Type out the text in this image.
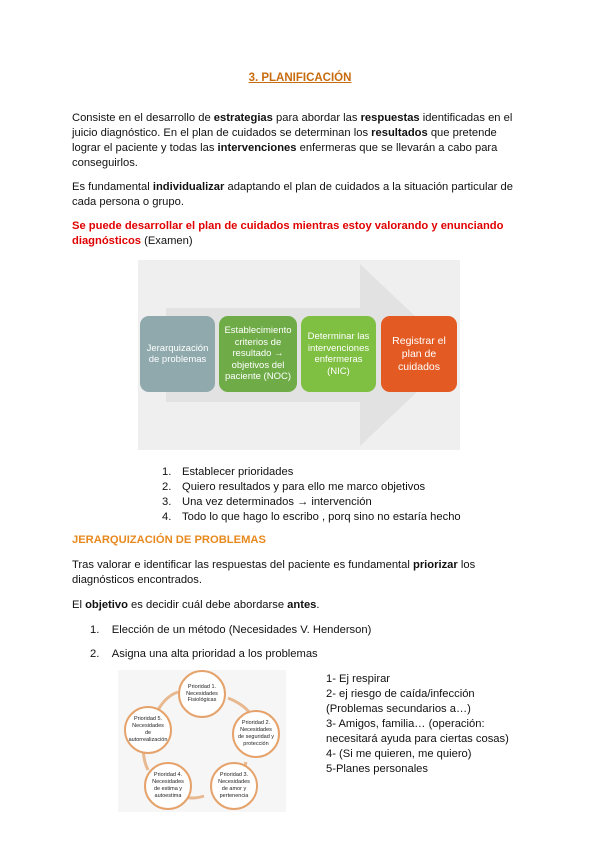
3. PLANIFICACIÓN

Consiste en el desarrollo de estrategias para abordar las respuestas identificadas en el juicio diagnóstico. En el plan de cuidados se determinan los resultados que pretende lograr el paciente y todas las intervenciones enfermeras que se llevarán a cabo para conseguirlos.

Es fundamental individualizar adaptando el plan de cuidados a la situación particular de cada persona o grupo.

Se puede desarrollar el plan de cuidados mientras estoy valorando y enunciando diagnósticos (Examen)

Jerarquización de problemas
Establecimiento criterios de resultado → objetivos del paciente (NOC)
Determinar las intervenciones enfermeras (NIC)
Registrar el plan de cuidados
1. Establecer prioridades
2. Quiero resultados y para ello me marco objetivos
3. Una vez determinados → intervención
4. Todo lo que hago lo escribo , porq sino no estaría hecho
JERARQUIZACIÓN DE PROBLEMAS

Tras valorar e identificar las respuestas del paciente es fundamental priorizar los diagnósticos encontrados.

El objetivo es decidir cuál debe abordarse antes.

1. Elección de un método (Necesidades V. Henderson)
2. Asigna una alta prioridad a los problemas
Prioridad 1. Necesidades Fisiológicas
Prioridad 2. Necesidades de seguridad y protección
Prioridad 3. Necesidades de amor y pertenencia
Prioridad 4. Necesidades de estima y autoestima
Prioridad 5. Necesidades de autorrealización
1- Ej respirar
2- ej riesgo de caída/infección
(Problemas secundarios a…)
3- Amigos, familia… (operación:
necesitará ayuda para ciertas cosas)
4- (Si me quieren, me quiero)
5-Planes personales
